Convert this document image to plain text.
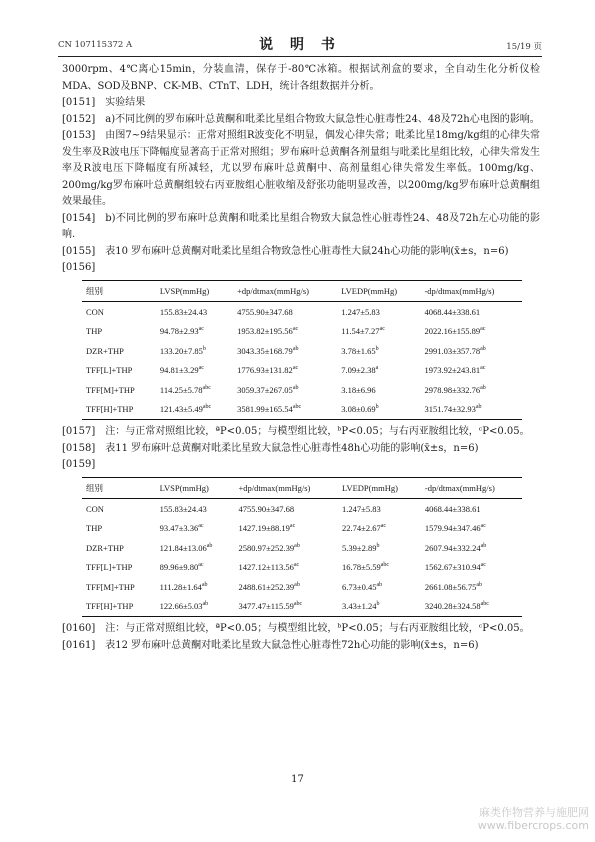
CN 107115372 A	说 明 书	15/19 页

3000rpm、4℃离心15min，分装血清，保存于-80℃冰箱。根据试剂盒的要求，全自动生化分析仪检MDA、SOD及BNP、CK-MB、CTnT、LDH，统计各组数据并分析。

[0151] 实验结果

[0152] a)不同比例的罗布麻叶总黄酮和吡柔比星组合物致大鼠急性心脏毒性24、48及72h心电图的影响。

[0153] 由图7~9结果显示：正常对照组R波变化不明显，偶发心律失常；吡柔比星18mg/kg组的心律失常发生率及R波电压下降幅度显著高于正常对照组；罗布麻叶总黄酮各剂量组与吡柔比星组比较，心律失常发生率及R波电压下降幅度有所减轻，尤以罗布麻叶总黄酮中、高剂量组心律失常发生率低。100mg/kg、200mg/kg罗布麻叶总黄酮组较右丙亚胺组心脏收缩及舒张功能明显改善，以200mg/kg罗布麻叶总黄酮组效果最佳。

[0154] b)不同比例的罗布麻叶总黄酮和吡柔比星组合物致大鼠急性心脏毒性24、48及72h左心功能的影响.

[0155] 表10 罗布麻叶总黄酮对吡柔比星组合物致急性心脏毒性大鼠24h心功能的影响(x̄±s，n=6)

[0156]

组别	LVSP(mmHg)	+dp/dtmax(mmHg/s)	LVEDP(mmHg)	-dp/dtmax(mmHg/s)
CON	155.83±24.43	4755.90±347.68	1.247±5.83	4068.44±338.61
THP	94.78±2.93$^{ac}$	1953.82±195.56$^{ac}$	11.54±7.27$^{ac}$	2022.16±155.89$^{ac}$
DZR+THP	133.20±7.85$^b$	3043.35±168.79$^{ab}$	3.78±1.65$^b$	2991.03±357.78$^{ab}$
TFF[L]+THP	94.81±3.29$^{ac}$	1776.93±131.82$^{ac}$	7.09±2.38$^a$	1973.92±243.81$^{ac}$
TFF[M]+THP	114.25±5.78$^{abc}$	3059.37±267.05$^{ab}$	3.18±6.96	2978.98±332.76$^{ab}$
TFF[H]+THP	121.43±5.49$^{abc}$	3581.99±165.54$^{abc}$	3.08±0.69$^b$	3151.74±32.93$^{ab}$

[0157] 注：与正常对照组比较，ªP<0.05；与模型组比较，ᵇP<0.05；与右丙亚胺组比较，ᶜP<0.05。

[0158] 表11 罗布麻叶总黄酮对吡柔比星致大鼠急性心脏毒性48h心功能的影响(x̄±s，n=6)

[0159]

组别	LVSP(mmHg)	+dp/dtmax(mmHg/s)	LVEDP(mmHg)	-dp/dtmax(mmHg/s)
CON	155.83±24.43	4755.90±347.68	1.247±5.83	4068.44±338.61
THP	93.47±3.36$^{ac}$	1427.19±88.19$^{ac}$	22.74±2.67$^{ac}$	1579.94±347.46$^{ac}$
DZR+THP	121.84±13.06$^{ab}$	2580.97±252.39$^{ab}$	5.39±2.89$^b$	2607.94±332.24$^{ab}$
TFF[L]+THP	89.96±9.80$^{ac}$	1427.12±113.56$^{ac}$	16.78±5.59$^{abc}$	1562.67±310.94$^{ac}$
TFF[M]+THP	111.28±1.64$^{ab}$	2488.61±252.39$^{ab}$	6.73±0.45$^{ab}$	2661.08±56.75$^{ab}$
TFF[H]+THP	122.66±5.03$^{ab}$	3477.47±115.59$^{abc}$	3.43±1.24$^b$	3240.28±324.58$^{abc}$

[0160] 注：与正常对照组比较，ªP<0.05；与模型组比较，ᵇP<0.05；与右丙亚胺组比较，ᶜP<0.05。

[0161] 表12 罗布麻叶总黄酮对吡柔比星致大鼠急性心脏毒性72h心功能的影响(x̄±s，n=6)

17
麻类作物营养与施肥网
www.fibercrops.com
